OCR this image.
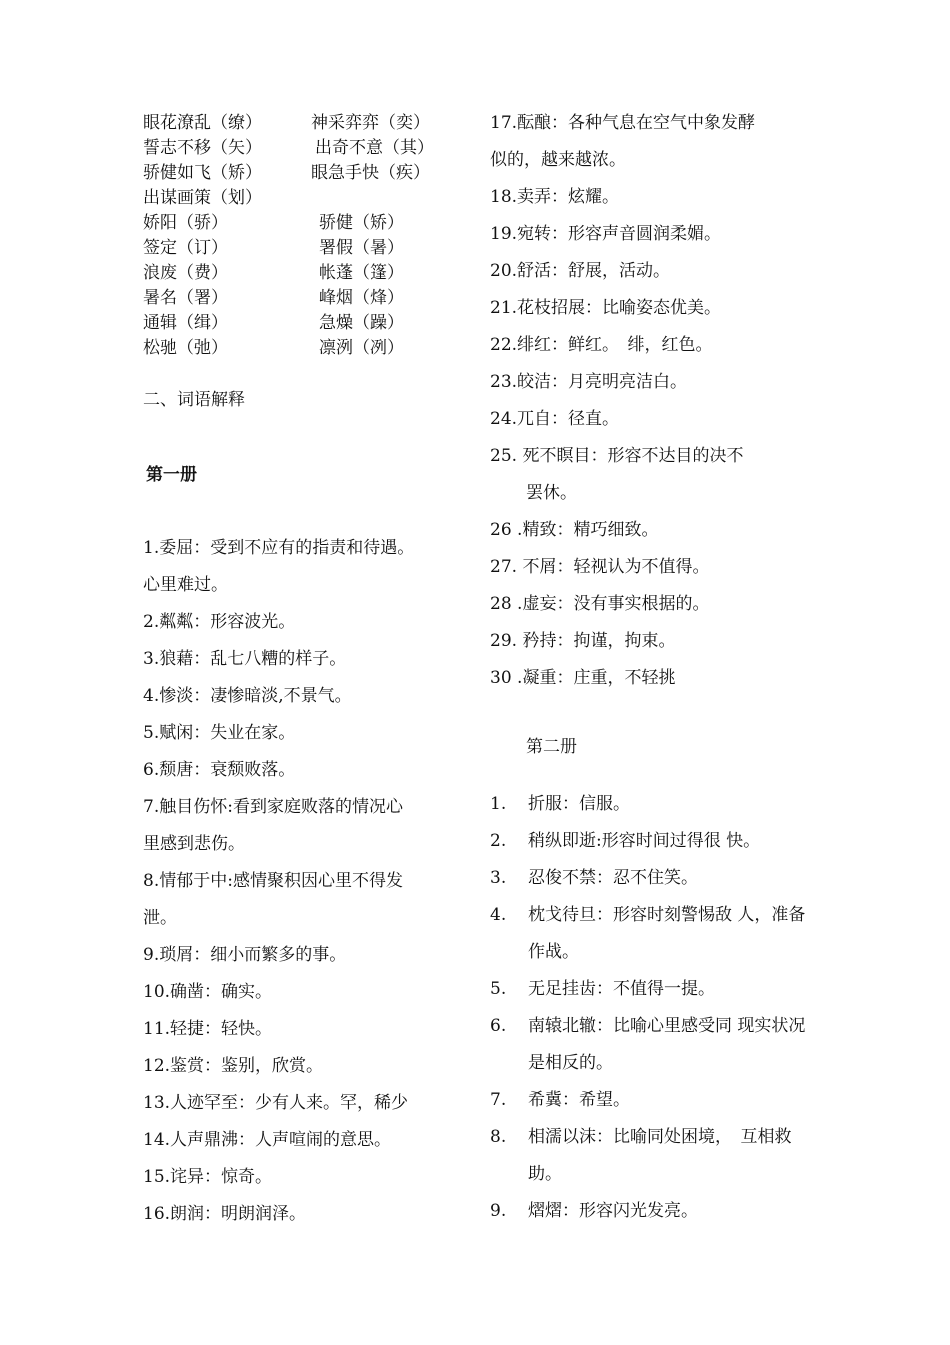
眼花潦乱（缭）	神采弈弈（奕）
誓志不移（矢）	出奇不意（其）
骄健如飞（矫）	眼急手快（疾）
出谋画策（划）
娇阳（骄）	骄健（矫）
签定（订）	署假（暑）
浪废（费）	帐蓬（篷）
暑名（署）	峰烟（烽）
通辑（缉）	急燥（躁）
松驰（弛）	凛洌（冽）
二、词语解释
第一册
1.委屈：受到不应有的指责和待遇。
心里难过。
2.粼粼：形容波光。
3.狼藉：乱七八糟的样子。
4.惨淡：凄惨暗淡,不景气。
5.赋闲：失业在家。
6.颓唐：衰颓败落。
7.触目伤怀:看到家庭败落的情况心
里感到悲伤。
8.情郁于中:感情聚积因心里不得发
泄。
9.琐屑：细小而繁多的事。
10.确凿：确实。
11.轻捷：轻快。
12.鉴赏：鉴别，欣赏。
13.人迹罕至：少有人来。罕，稀少
14.人声鼎沸：人声喧闹的意思。
15.诧异：惊奇。
16.朗润：明朗润泽。
17.酝酿：各种气息在空气中象发酵
似的，越来越浓。
18.卖弄：炫耀。
19.宛转：形容声音圆润柔媚。
20.舒活：舒展，活动。
21.花枝招展：比喻姿态优美。
22.绯红：鲜红。　绯，红色。
23.皎洁：月亮明亮洁白。
24.兀自：径直。
25. 死不瞑目：形容不达目的决不
罢休。
26 .精致：精巧细致。
27. 不屑：轻视认为不值得。
28 .虚妄：没有事实根据的。
29. 矜持：拘谨，拘束。
30 .凝重：庄重，不轻挑
第二册
1. 折服：信服。
2. 稍纵即逝:形容时间过得很 快。
3. 忍俊不禁：忍不住笑。
4. 枕戈待旦：形容时刻警惕敌 人，准备作战。
5. 无足挂齿：不值得一提。
6. 南辕北辙：比喻心里感受同 现实状况是相反的。
7. 希冀：希望。
8. 相濡以沫：比喻同处困境，　互相救助。
9. 熠熠：形容闪光发亮。
